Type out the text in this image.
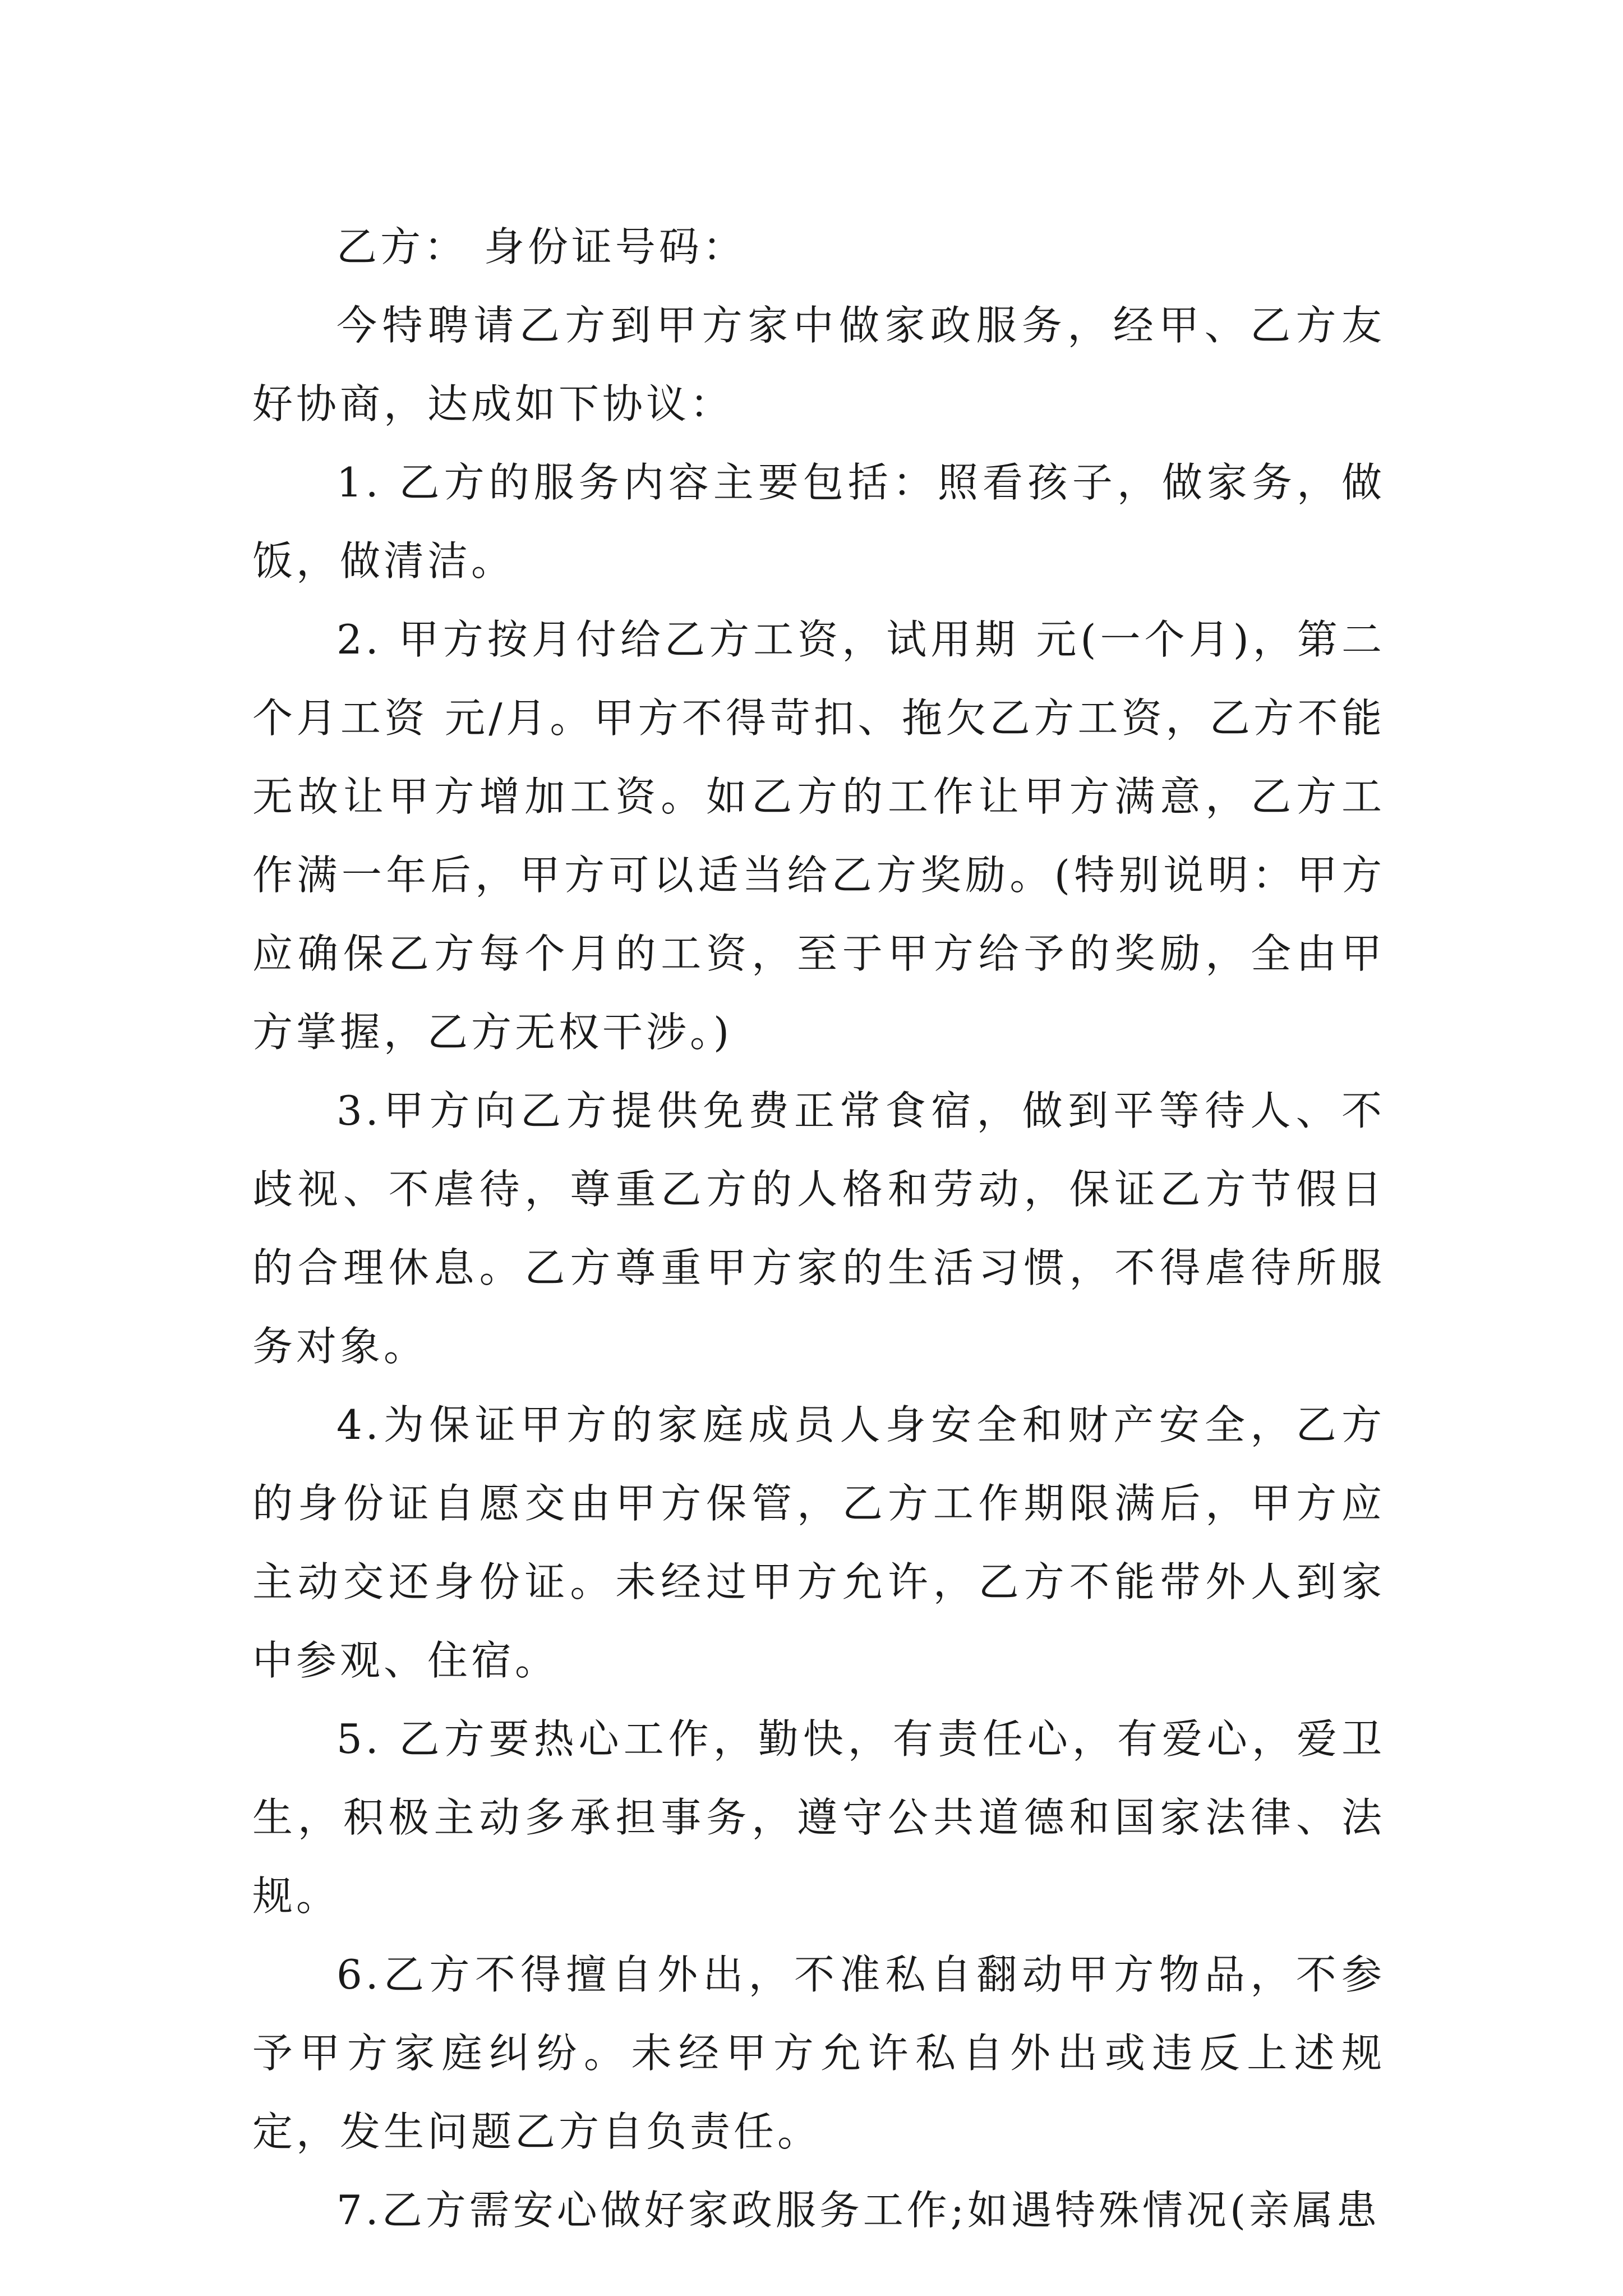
乙方： 身份证号码：

今特聘请乙方到甲方家中做家政服务，经甲、乙方友好协商，达成如下协议：

1. 乙方的服务内容主要包括：照看孩子，做家务，做饭，做清洁。

2. 甲方按月付给乙方工资，试用期 元(一个月)，第二个月工资 元/月。甲方不得苛扣、拖欠乙方工资，乙方不能无故让甲方增加工资。如乙方的工作让甲方满意，乙方工作满一年后，甲方可以适当给乙方奖励。(特别说明：甲方应确保乙方每个月的工资，至于甲方给予的奖励，全由甲方掌握，乙方无权干涉。)

3.甲方向乙方提供免费正常食宿，做到平等待人、不歧视、不虐待，尊重乙方的人格和劳动，保证乙方节假日的合理休息。乙方尊重甲方家的生活习惯，不得虐待所服务对象。

4.为保证甲方的家庭成员人身安全和财产安全，乙方的身份证自愿交由甲方保管，乙方工作期限满后，甲方应主动交还身份证。未经过甲方允许，乙方不能带外人到家中参观、住宿。

5. 乙方要热心工作，勤快，有责任心，有爱心，爱卫生，积极主动多承担事务，遵守公共道德和国家法律、法规。

6.乙方不得擅自外出，不准私自翻动甲方物品，不参予甲方家庭纠纷。未经甲方允许私自外出或违反上述规定，发生问题乙方自负责任。

7.乙方需安心做好家政服务工作;如遇特殊情况(亲属患
